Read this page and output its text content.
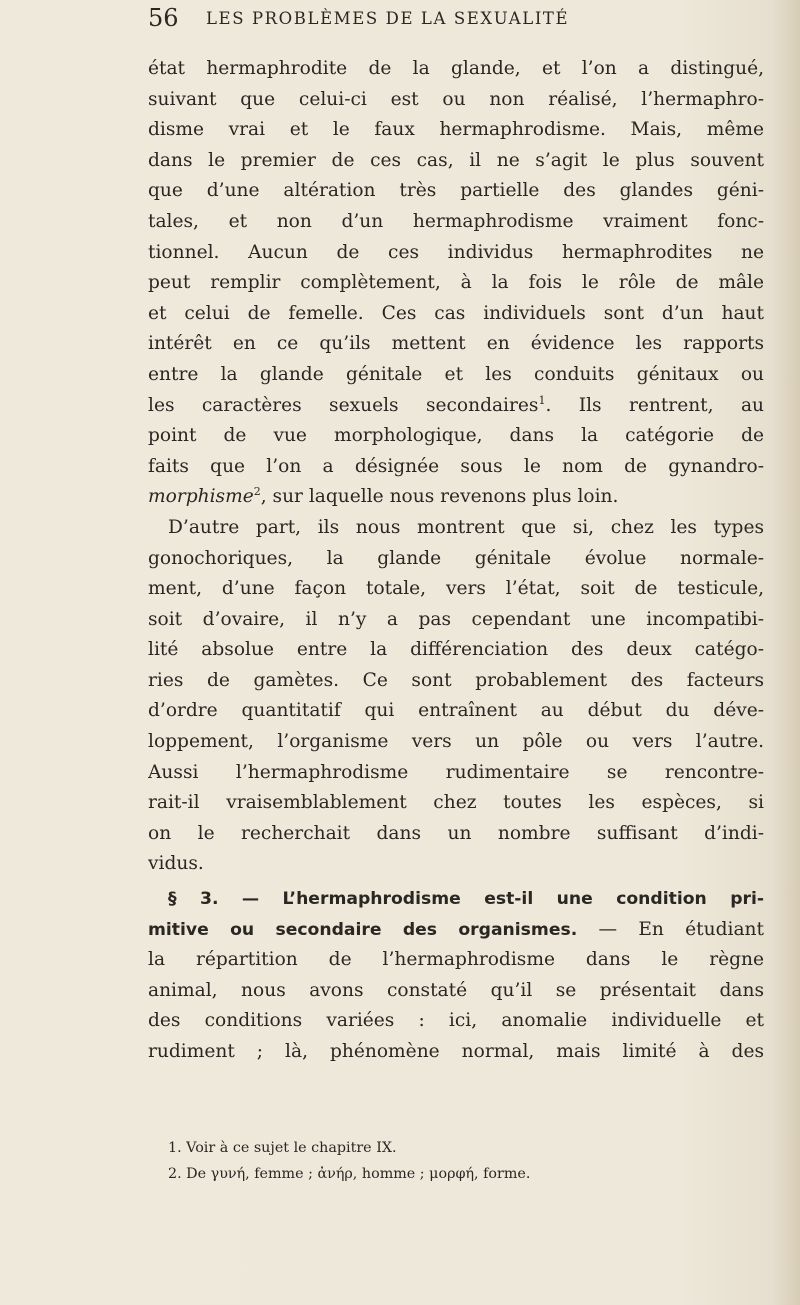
56 LES PROBLÈMES DE LA SEXUALITÉ
état hermaphrodite de la glande, et l’on a distingué,
suivant que celui-ci est ou non réalisé, l’hermaphro-
disme vrai et le faux hermaphrodisme. Mais, même
dans le premier de ces cas, il ne s’agit le plus souvent
que d’une altération très partielle des glandes géni-
tales, et non d’un hermaphrodisme vraiment fonc-
tionnel. Aucun de ces individus hermaphrodites ne
peut remplir complètement, à la fois le rôle de mâle
et celui de femelle. Ces cas individuels sont d’un haut
intérêt en ce qu’ils mettent en évidence les rapports
entre la glande génitale et les conduits génitaux ou
les caractères sexuels secondaires$^1$. Ils rentrent, au
point de vue morphologique, dans la catégorie de
faits que l’on a désignée sous le nom de gynandro-
morphisme$^2$, sur laquelle nous revenons plus loin.
D’autre part, ils nous montrent que si, chez les types
gonochoriques, la glande génitale évolue normale-
ment, d’une façon totale, vers l’état, soit de testicule,
soit d’ovaire, il n’y a pas cependant une incompatibi-
lité absolue entre la différenciation des deux catégo-
ries de gamètes. Ce sont probablement des facteurs
d’ordre quantitatif qui entraînent au début du déve-
loppement, l’organisme vers un pôle ou vers l’autre.
Aussi l’hermaphrodisme rudimentaire se rencontre-
rait-il vraisemblablement chez toutes les espèces, si
on le recherchait dans un nombre suffisant d’indi-
vidus.
§ 3. — L’hermaphrodisme est-il une condition pri-
mitive ou secondaire des organismes. — En étudiant
la répartition de l’hermaphrodisme dans le règne
animal, nous avons constaté qu’il se présentait dans
des conditions variées : ici, anomalie individuelle et
rudiment ; là, phénomène normal, mais limité à des
1. Voir à ce sujet le chapitre IX.
2. De γυνή, femme ; ἀνήρ, homme ; μορφή, forme.
